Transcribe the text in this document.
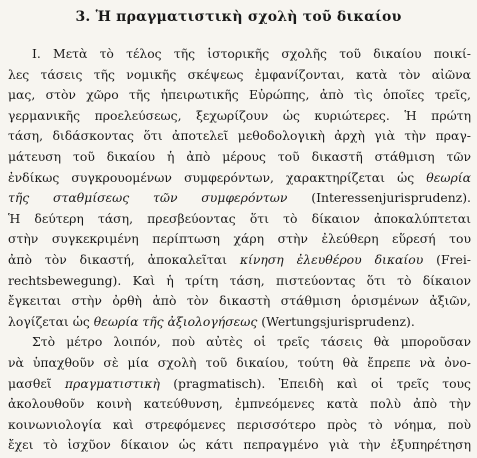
3. Ἡ πραγματιστικὴ σχολὴ τοῦ δικαίου
I. Μετὰ τὸ τέλος τῆς ἱστορικῆς σχολῆς τοῦ δικαίου ποικί-
λες τάσεις τῆς νομικῆς σκέψεως ἐμφανίζονται, κατὰ τὸν αἰῶνα
μας, στὸν χῶρο τῆς ἠπειρωτικῆς Εὐρώπης, ἀπὸ τὶς ὁποῖες τρεῖς,
γερμανικῆς προελεύσεως, ξεχωρίζουν ὡς κυριώτερες. Ἡ πρώτη
τάση, διδάσκοντας ὅτι ἀποτελεῖ μεθοδολογικὴ ἀρχὴ γιὰ τὴν πραγ-
μάτευση τοῦ δικαίου ἡ ἀπὸ μέρους τοῦ δικαστῆ στάθμιση τῶν
ἐνδίκως συγκρουομένων συμφερόντων, χαρακτηρίζεται ὡς θεωρία
τῆς σταθμίσεως τῶν συμφερόντων (Interessenjurisprudenz).
Ἡ δεύτερη τάση, πρεσβεύοντας ὅτι τὸ δίκαιον ἀποκαλύπτεται
στὴν συγκεκριμένη περίπτωση χάρη στὴν ἐλεύθερη εὕρεσή του
ἀπὸ τὸν δικαστή, ἀποκαλεῖται κίνηση ἐλευθέρου δικαίου (Frei-
rechtsbewegung). Καὶ ἡ τρίτη τάση, πιστεύοντας ὅτι τὸ δίκαιον
ἔγκειται στὴν ὀρθὴ ἀπὸ τὸν δικαστὴ στάθμιση ὁρισμένων ἀξιῶν,
λογίζεται ὡς θεωρία τῆς ἀξιολογήσεως (Wertungsjurisprudenz).
Στὸ μέτρο λοιπόν, ποὺ αὐτὲς οἱ τρεῖς τάσεις θὰ μποροῦσαν
νὰ ὑπαχθοῦν σὲ μία σχολὴ τοῦ δικαίου, τούτη θὰ ἔπρεπε νὰ ὀνο-
μασθεῖ πραγματιστικὴ (pragmatisch). Ἐπειδὴ καὶ οἱ τρεῖς τους
ἀκολουθοῦν κοινὴ κατεύθυνση, ἐμπνεόμενες κατὰ πολὺ ἀπὸ τὴν
κοινωνιολογία καὶ στρεφόμενες περισσότερο πρὸς τὸ νόημα, ποὺ
ἔχει τὸ ἰσχῦον δίκαιον ὡς κάτι πεπραγμένο γιὰ τὴν ἐξυπηρέτηση
